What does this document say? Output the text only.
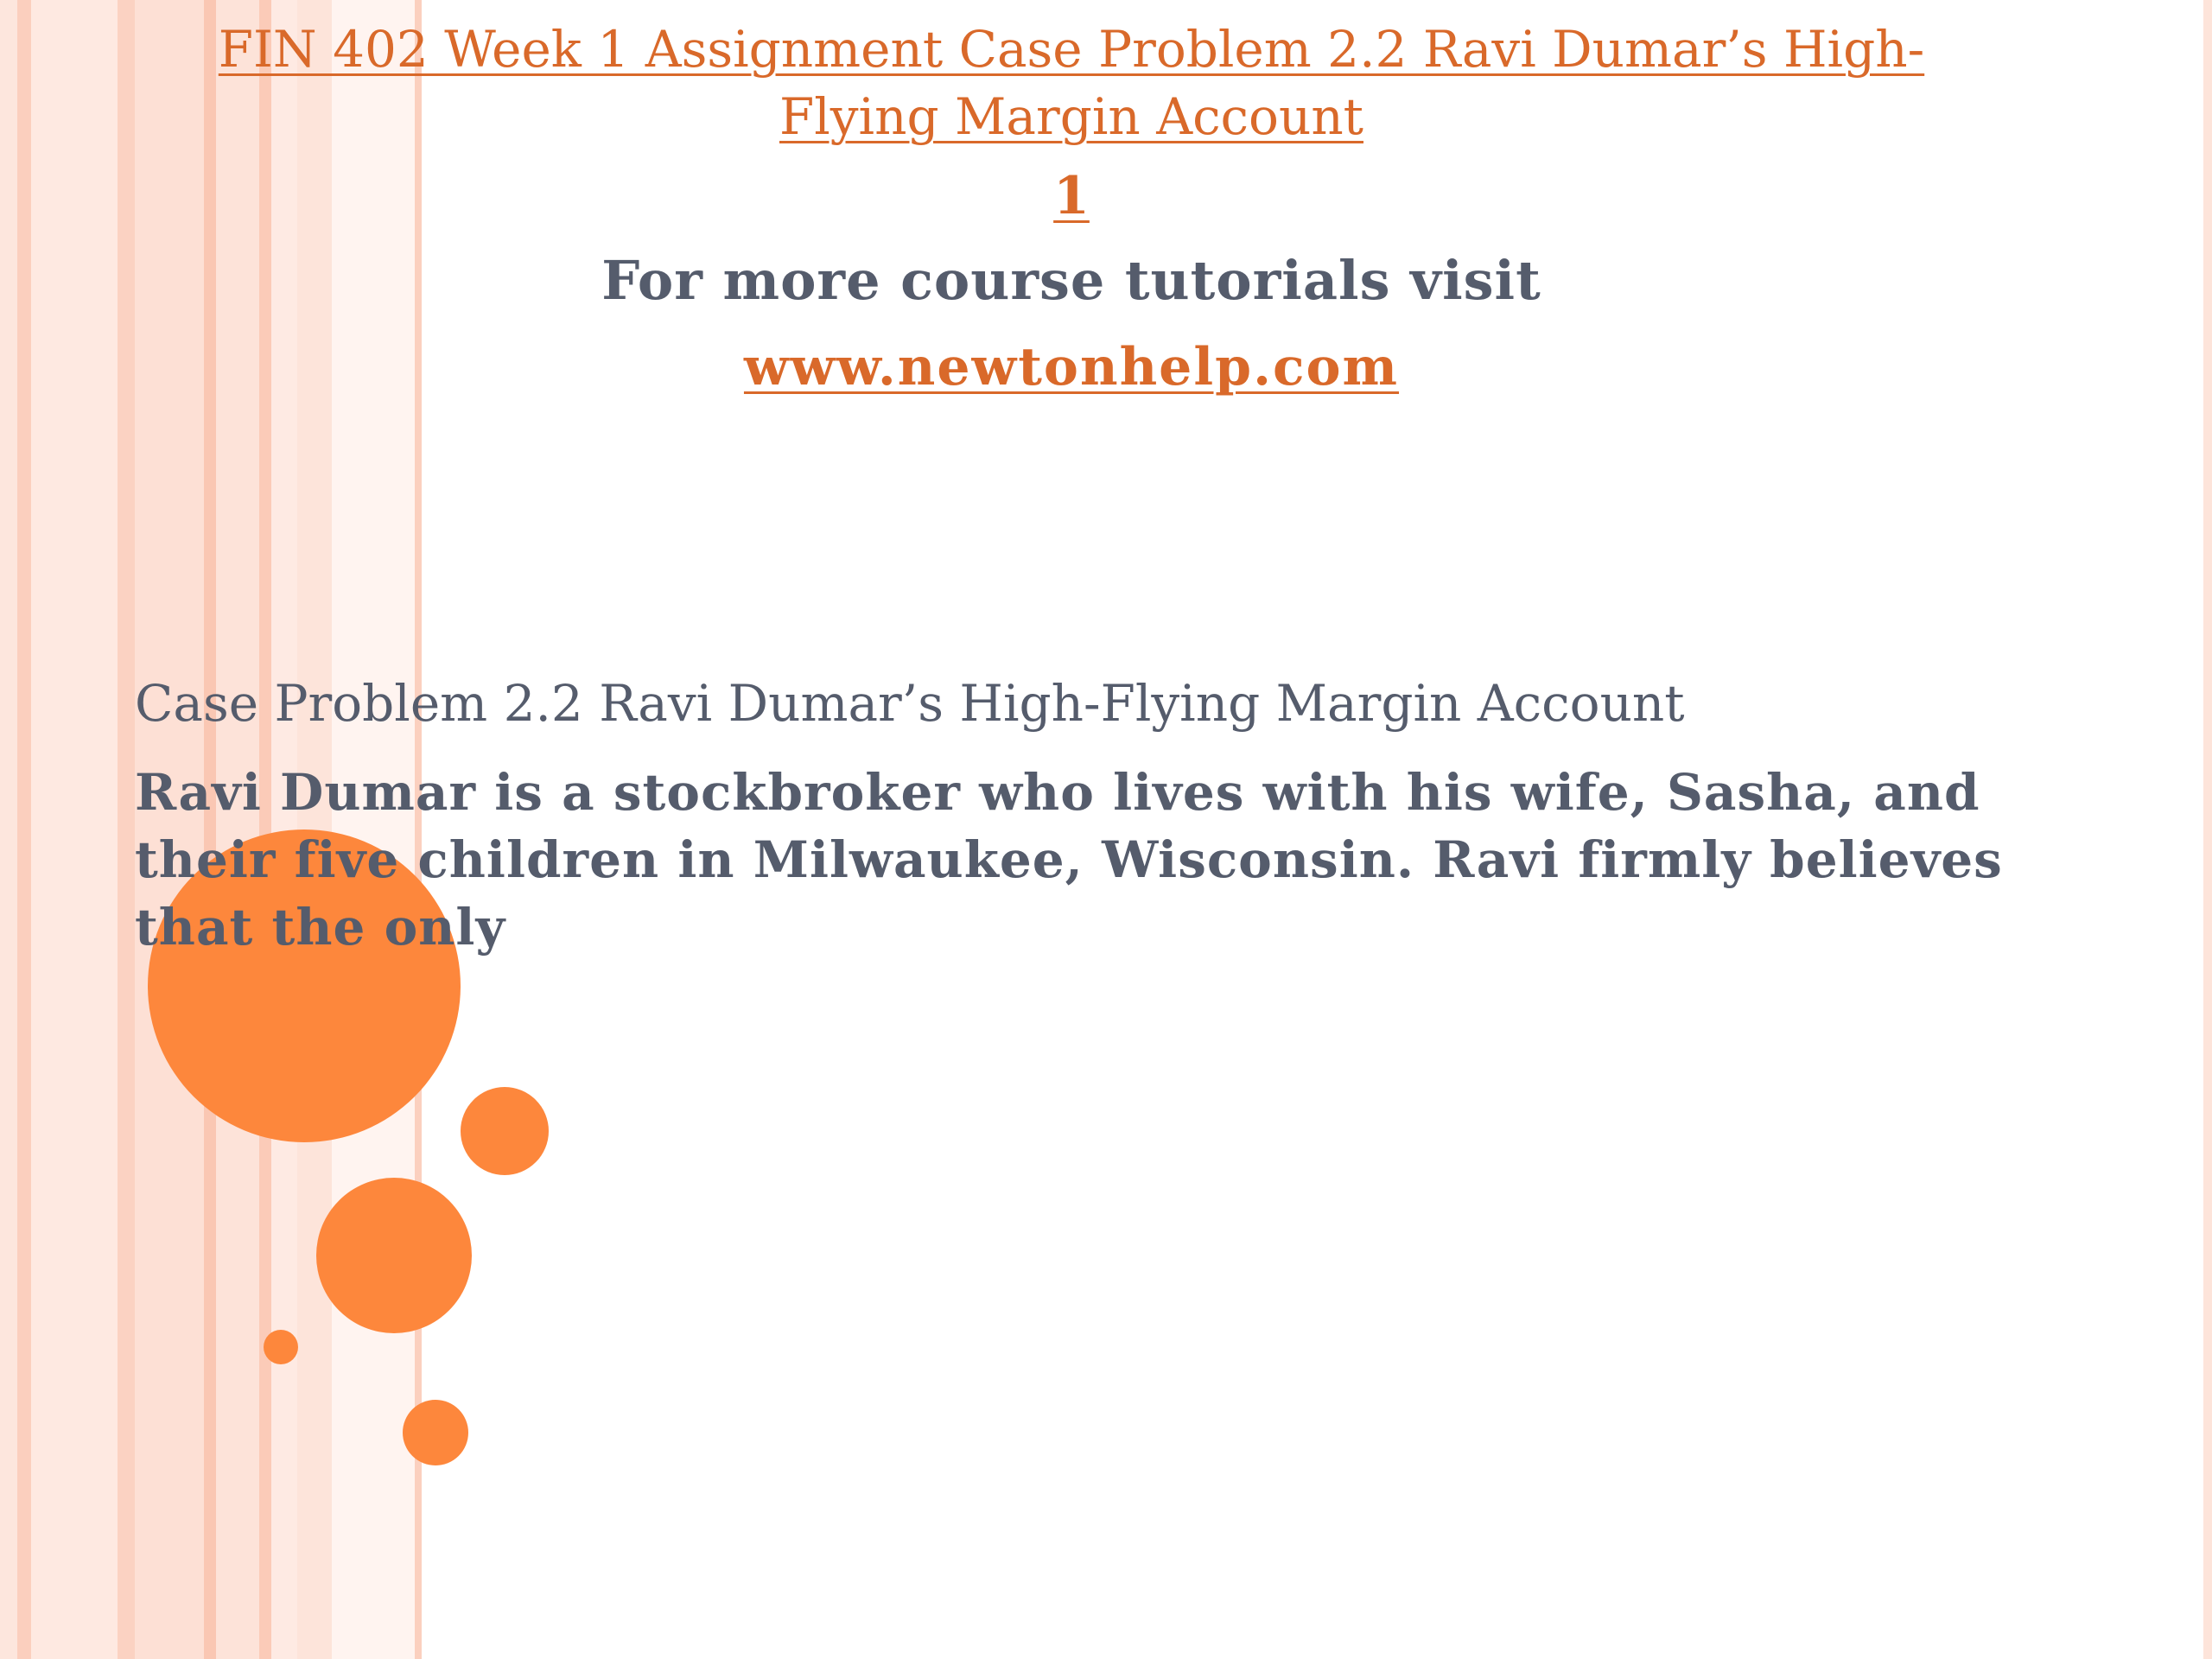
FIN 402 Week 1 Assignment Case Problem 2.2 Ravi Dumar’s High-Flying Margin Account
1
For more course tutorials visit
www.newtonhelp.com
Case Problem 2.2 Ravi Dumar’s High-Flying Margin Account
Ravi Dumar is a stockbroker who lives with his wife, Sasha, and their five children in Milwaukee, Wisconsin. Ravi firmly believes that the only
